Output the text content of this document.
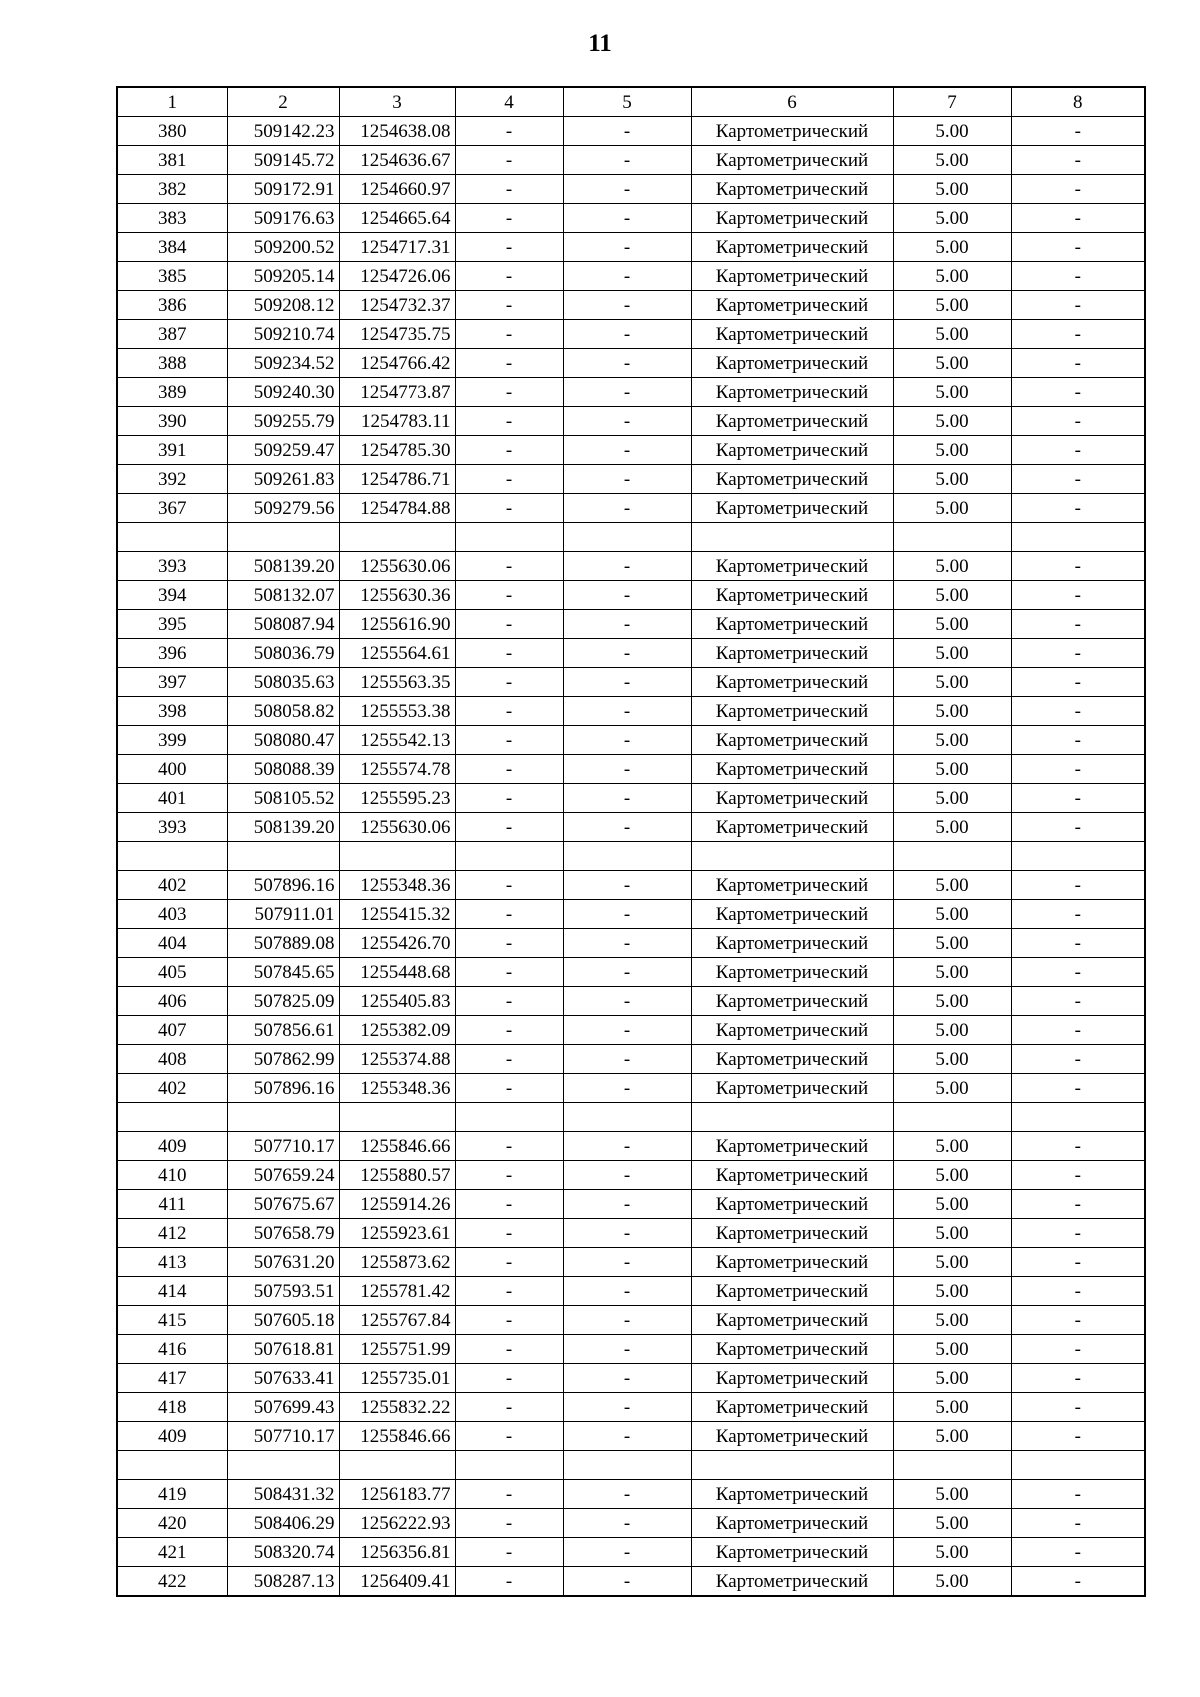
11
1	2	3	4	5	6	7	8
380	509142.23	1254638.08	-	-	Картометрический	5.00	-
381	509145.72	1254636.67	-	-	Картометрический	5.00	-
382	509172.91	1254660.97	-	-	Картометрический	5.00	-
383	509176.63	1254665.64	-	-	Картометрический	5.00	-
384	509200.52	1254717.31	-	-	Картометрический	5.00	-
385	509205.14	1254726.06	-	-	Картометрический	5.00	-
386	509208.12	1254732.37	-	-	Картометрический	5.00	-
387	509210.74	1254735.75	-	-	Картометрический	5.00	-
388	509234.52	1254766.42	-	-	Картометрический	5.00	-
389	509240.30	1254773.87	-	-	Картометрический	5.00	-
390	509255.79	1254783.11	-	-	Картометрический	5.00	-
391	509259.47	1254785.30	-	-	Картометрический	5.00	-
392	509261.83	1254786.71	-	-	Картометрический	5.00	-
367	509279.56	1254784.88	-	-	Картометрический	5.00	-

393	508139.20	1255630.06	-	-	Картометрический	5.00	-
394	508132.07	1255630.36	-	-	Картометрический	5.00	-
395	508087.94	1255616.90	-	-	Картометрический	5.00	-
396	508036.79	1255564.61	-	-	Картометрический	5.00	-
397	508035.63	1255563.35	-	-	Картометрический	5.00	-
398	508058.82	1255553.38	-	-	Картометрический	5.00	-
399	508080.47	1255542.13	-	-	Картометрический	5.00	-
400	508088.39	1255574.78	-	-	Картометрический	5.00	-
401	508105.52	1255595.23	-	-	Картометрический	5.00	-
393	508139.20	1255630.06	-	-	Картометрический	5.00	-

402	507896.16	1255348.36	-	-	Картометрический	5.00	-
403	507911.01	1255415.32	-	-	Картометрический	5.00	-
404	507889.08	1255426.70	-	-	Картометрический	5.00	-
405	507845.65	1255448.68	-	-	Картометрический	5.00	-
406	507825.09	1255405.83	-	-	Картометрический	5.00	-
407	507856.61	1255382.09	-	-	Картометрический	5.00	-
408	507862.99	1255374.88	-	-	Картометрический	5.00	-
402	507896.16	1255348.36	-	-	Картометрический	5.00	-

409	507710.17	1255846.66	-	-	Картометрический	5.00	-
410	507659.24	1255880.57	-	-	Картометрический	5.00	-
411	507675.67	1255914.26	-	-	Картометрический	5.00	-
412	507658.79	1255923.61	-	-	Картометрический	5.00	-
413	507631.20	1255873.62	-	-	Картометрический	5.00	-
414	507593.51	1255781.42	-	-	Картометрический	5.00	-
415	507605.18	1255767.84	-	-	Картометрический	5.00	-
416	507618.81	1255751.99	-	-	Картометрический	5.00	-
417	507633.41	1255735.01	-	-	Картометрический	5.00	-
418	507699.43	1255832.22	-	-	Картометрический	5.00	-
409	507710.17	1255846.66	-	-	Картометрический	5.00	-

419	508431.32	1256183.77	-	-	Картометрический	5.00	-
420	508406.29	1256222.93	-	-	Картометрический	5.00	-
421	508320.74	1256356.81	-	-	Картометрический	5.00	-
422	508287.13	1256409.41	-	-	Картометрический	5.00	-
